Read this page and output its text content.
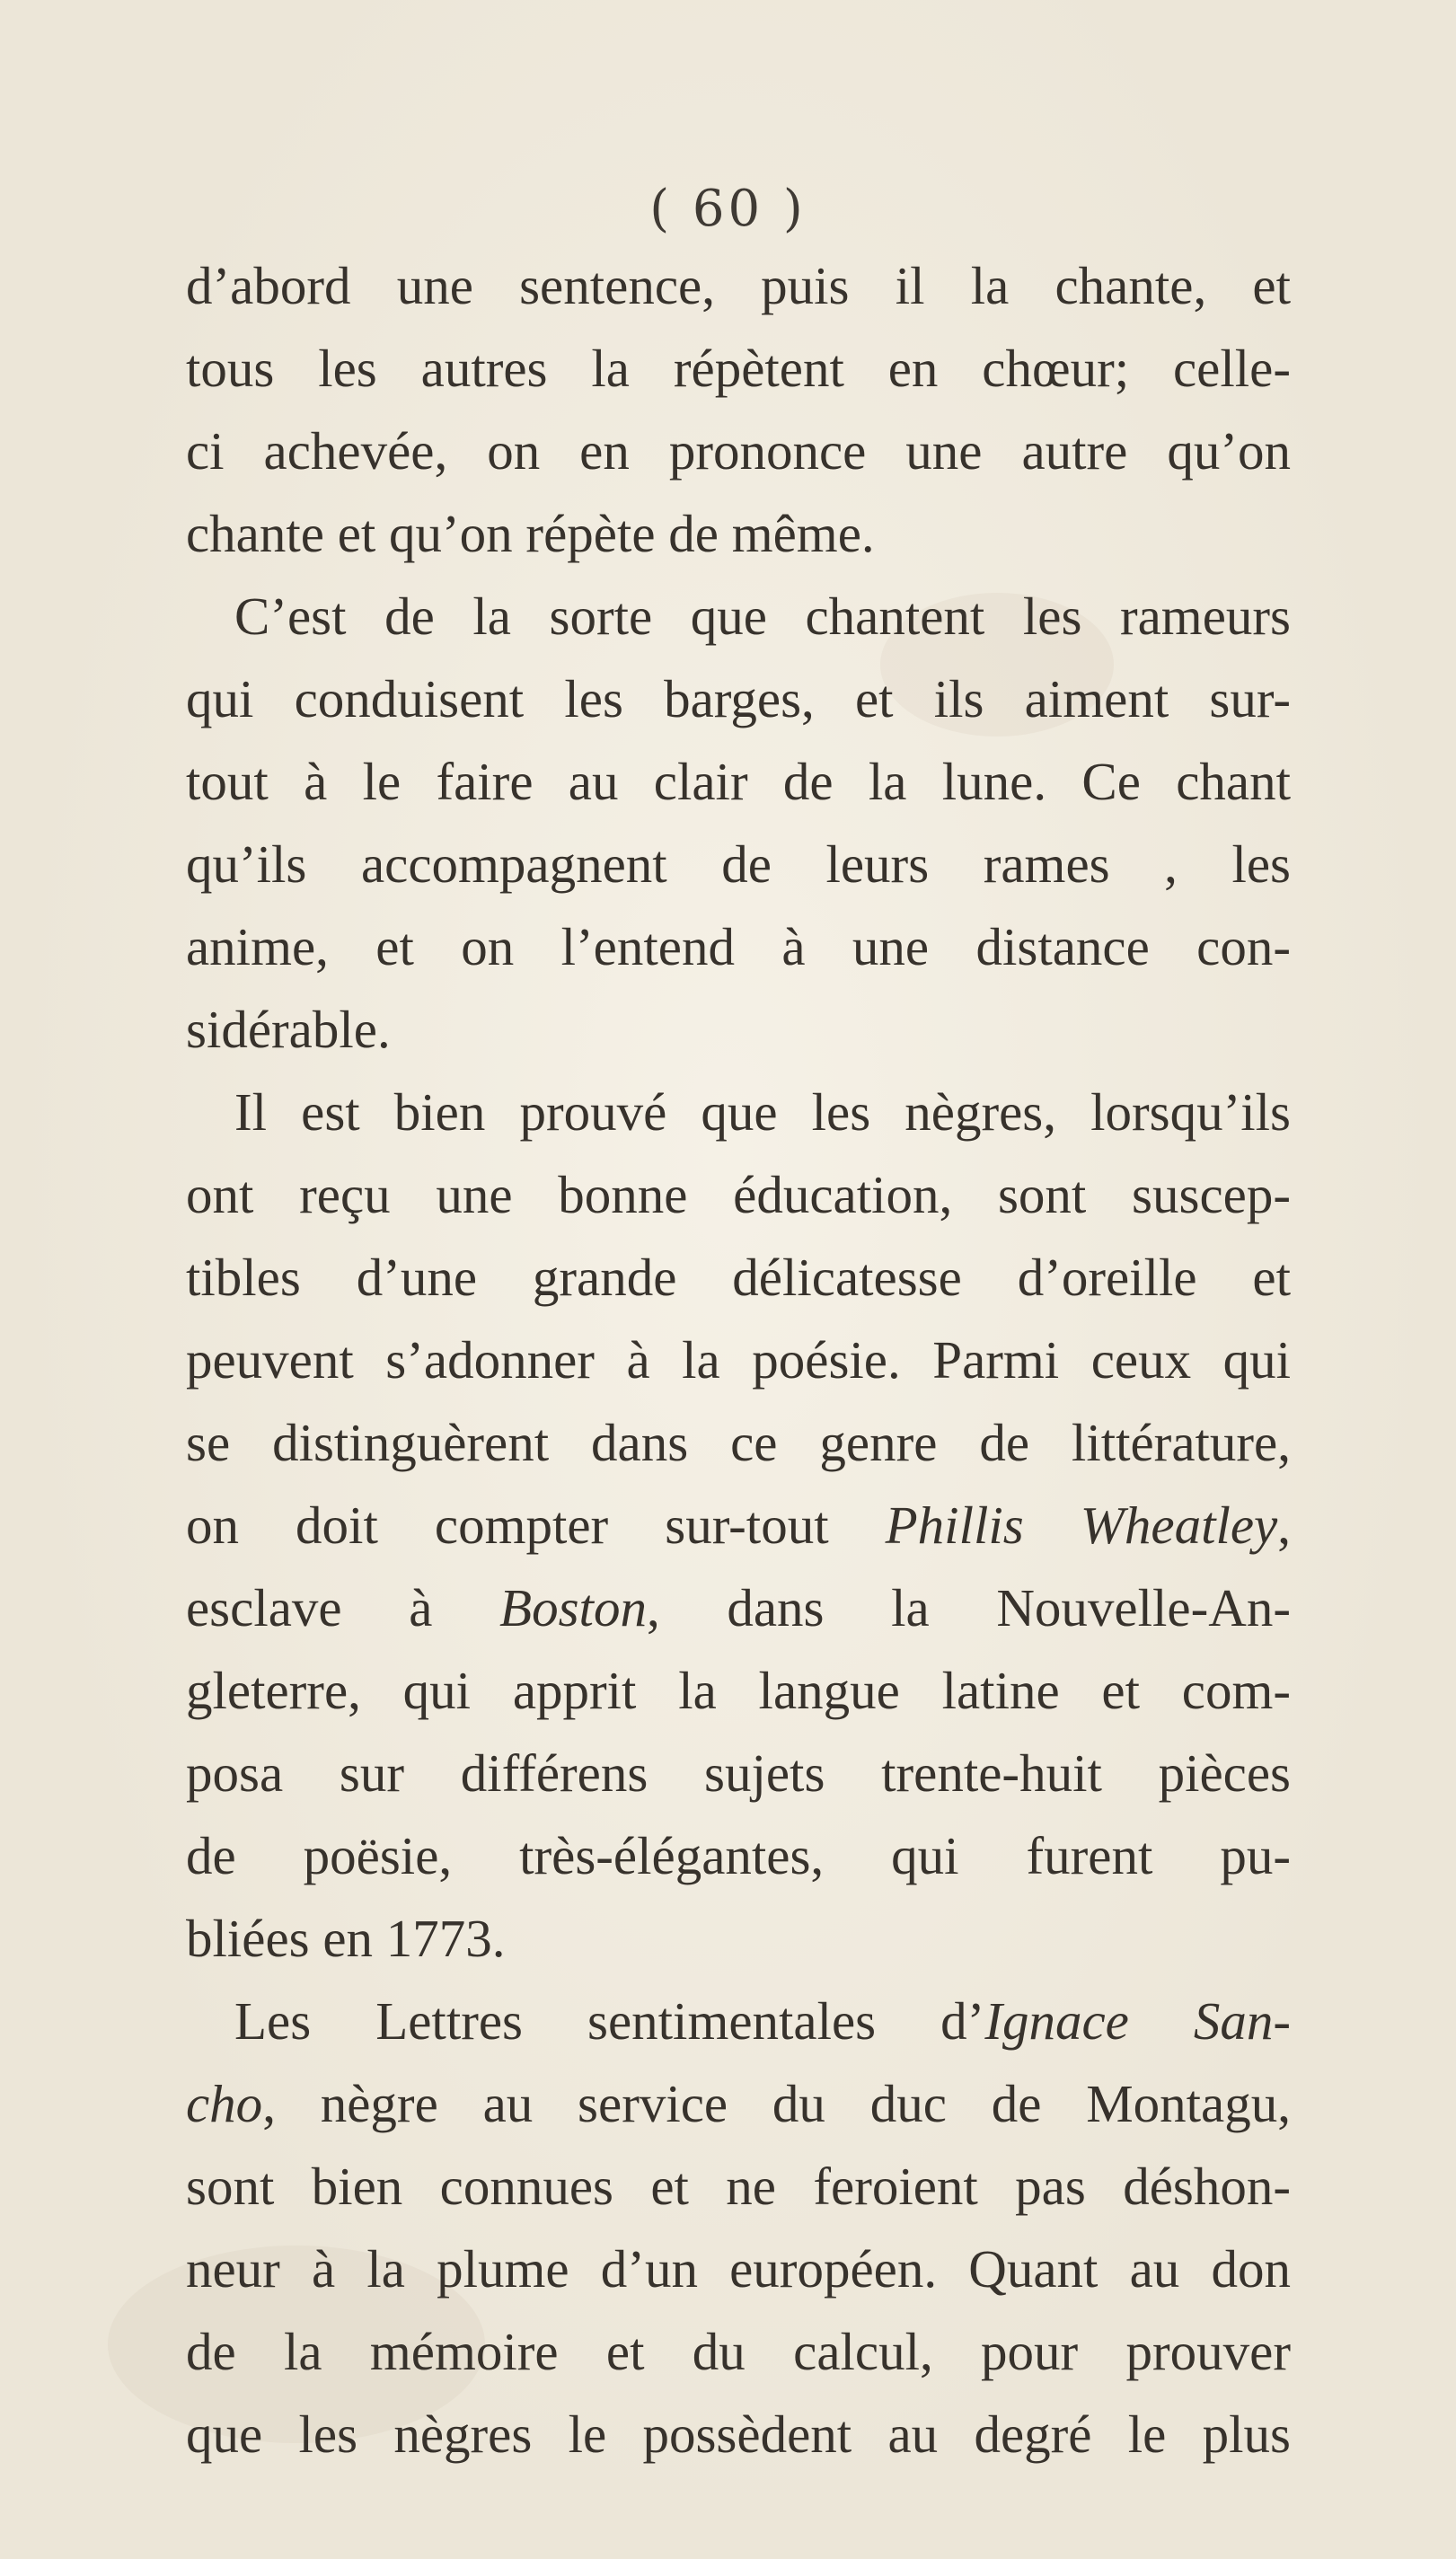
( 60 )
d’abord une sentence, puis il la chante, et
tous les autres la répètent en chœur; celle-
ci achevée, on en prononce une autre qu’on
chante et qu’on répète de même.
C’est de la sorte que chantent les rameurs
qui conduisent les barges, et ils aiment sur-
tout à le faire au clair de la lune. Ce chant
qu’ils accompagnent de leurs rames , les
anime, et on l’entend à une distance con-
sidérable.
Il est bien prouvé que les nègres, lorsqu’ils
ont reçu une bonne éducation, sont suscep-
tibles d’une grande délicatesse d’oreille et
peuvent s’adonner à la poésie. Parmi ceux qui
se distinguèrent dans ce genre de littérature,
on doit compter sur-tout Phillis Wheatley,
esclave à Boston, dans la Nouvelle-An-
gleterre, qui apprit la langue latine et com-
posa sur différens sujets trente-huit pièces
de poësie, très-élégantes, qui furent pu-
bliées en 1773.
Les Lettres sentimentales d’Ignace San-
cho, nègre au service du duc de Montagu,
sont bien connues et ne feroient pas déshon-
neur à la plume d’un européen. Quant au don
de la mémoire et du calcul, pour prouver
que les nègres le possèdent au degré le plus
